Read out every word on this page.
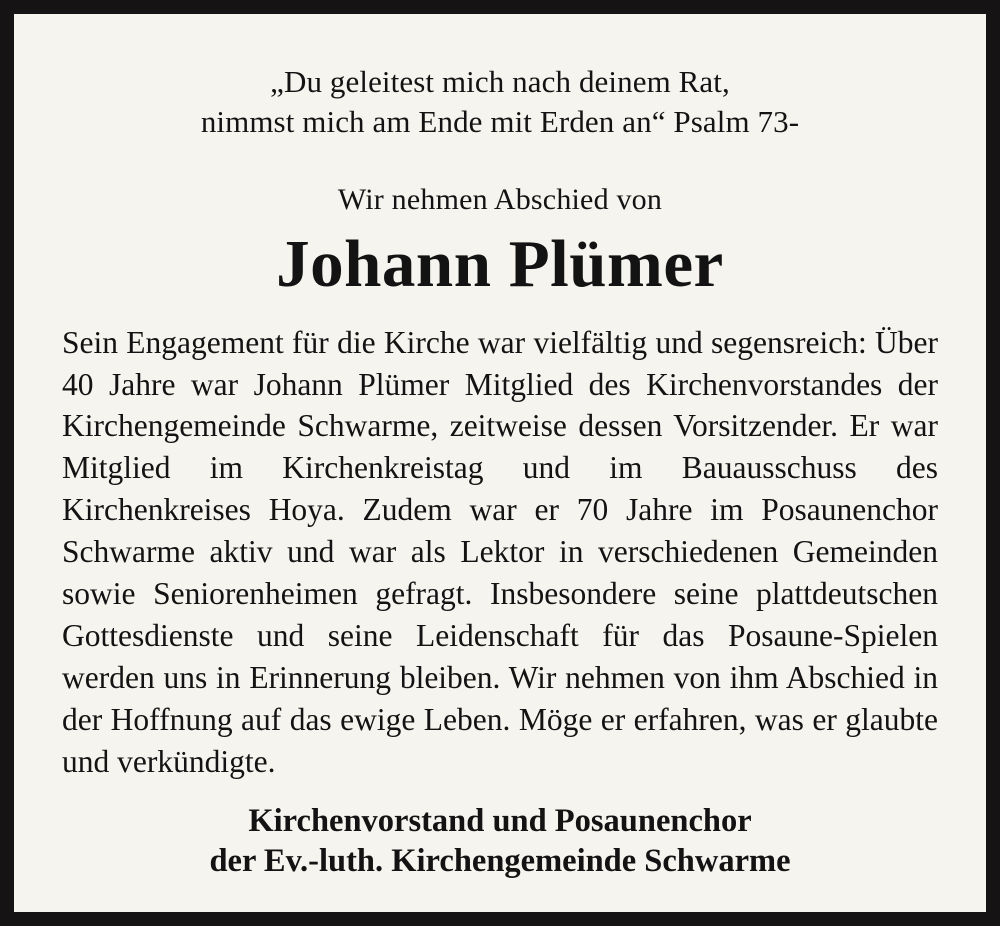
„Du geleitest mich nach deinem Rat,
nimmst mich am Ende mit Erden an“ Psalm 73-
Wir nehmen Abschied von
Johann Plümer
Sein Engagement für die Kirche war vielfältig und segensreich: Über 40 Jahre war Johann Plümer Mitglied des Kirchenvorstandes der Kirchengemeinde Schwarme, zeitweise dessen Vorsitzender. Er war Mitglied im Kirchenkreistag und im Bauausschuss des Kirchenkreises Hoya. Zudem war er 70 Jahre im Posaunenchor Schwarme aktiv und war als Lektor in verschiedenen Gemeinden sowie Seniorenheimen gefragt. Insbesondere seine plattdeutschen Gottesdienste und seine Leidenschaft für das Posaune-Spielen werden uns in Erinnerung bleiben. Wir nehmen von ihm Abschied in der Hoffnung auf das ewige Leben. Möge er erfahren, was er glaubte und verkündigte.
Kirchenvorstand und Posaunenchor
der Ev.-luth. Kirchengemeinde Schwarme
